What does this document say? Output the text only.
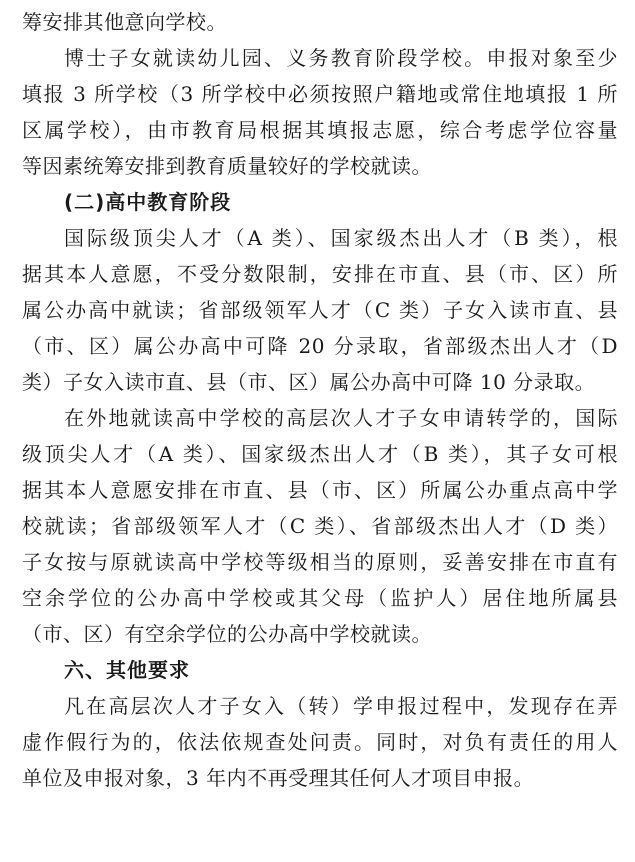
筹安排其他意向学校。
博士子女就读幼儿园、义务教育阶段学校。申报对象至少
填报 3 所学校（3 所学校中必须按照户籍地或常住地填报 1 所
区属学校），由市教育局根据其填报志愿，综合考虑学位容量
等因素统筹安排到教育质量较好的学校就读。
(二)高中教育阶段
国际级顶尖人才（A 类）、国家级杰出人才（B 类），根
据其本人意愿，不受分数限制，安排在市直、县（市、区）所
属公办高中就读；省部级领军人才（C 类）子女入读市直、县
（市、区）属公办高中可降 20 分录取，省部级杰出人才（D
类）子女入读市直、县（市、区）属公办高中可降 10 分录取。
在外地就读高中学校的高层次人才子女申请转学的，国际
级顶尖人才（A 类）、国家级杰出人才（B 类），其子女可根
据其本人意愿安排在市直、县（市、区）所属公办重点高中学
校就读；省部级领军人才（C 类）、省部级杰出人才（D 类）
子女按与原就读高中学校等级相当的原则，妥善安排在市直有
空余学位的公办高中学校或其父母（监护人）居住地所属县
（市、区）有空余学位的公办高中学校就读。
六、其他要求
凡在高层次人才子女入（转）学申报过程中，发现存在弄
虚作假行为的，依法依规查处问责。同时，对负有责任的用人
单位及申报对象，3 年内不再受理其任何人才项目申报。
